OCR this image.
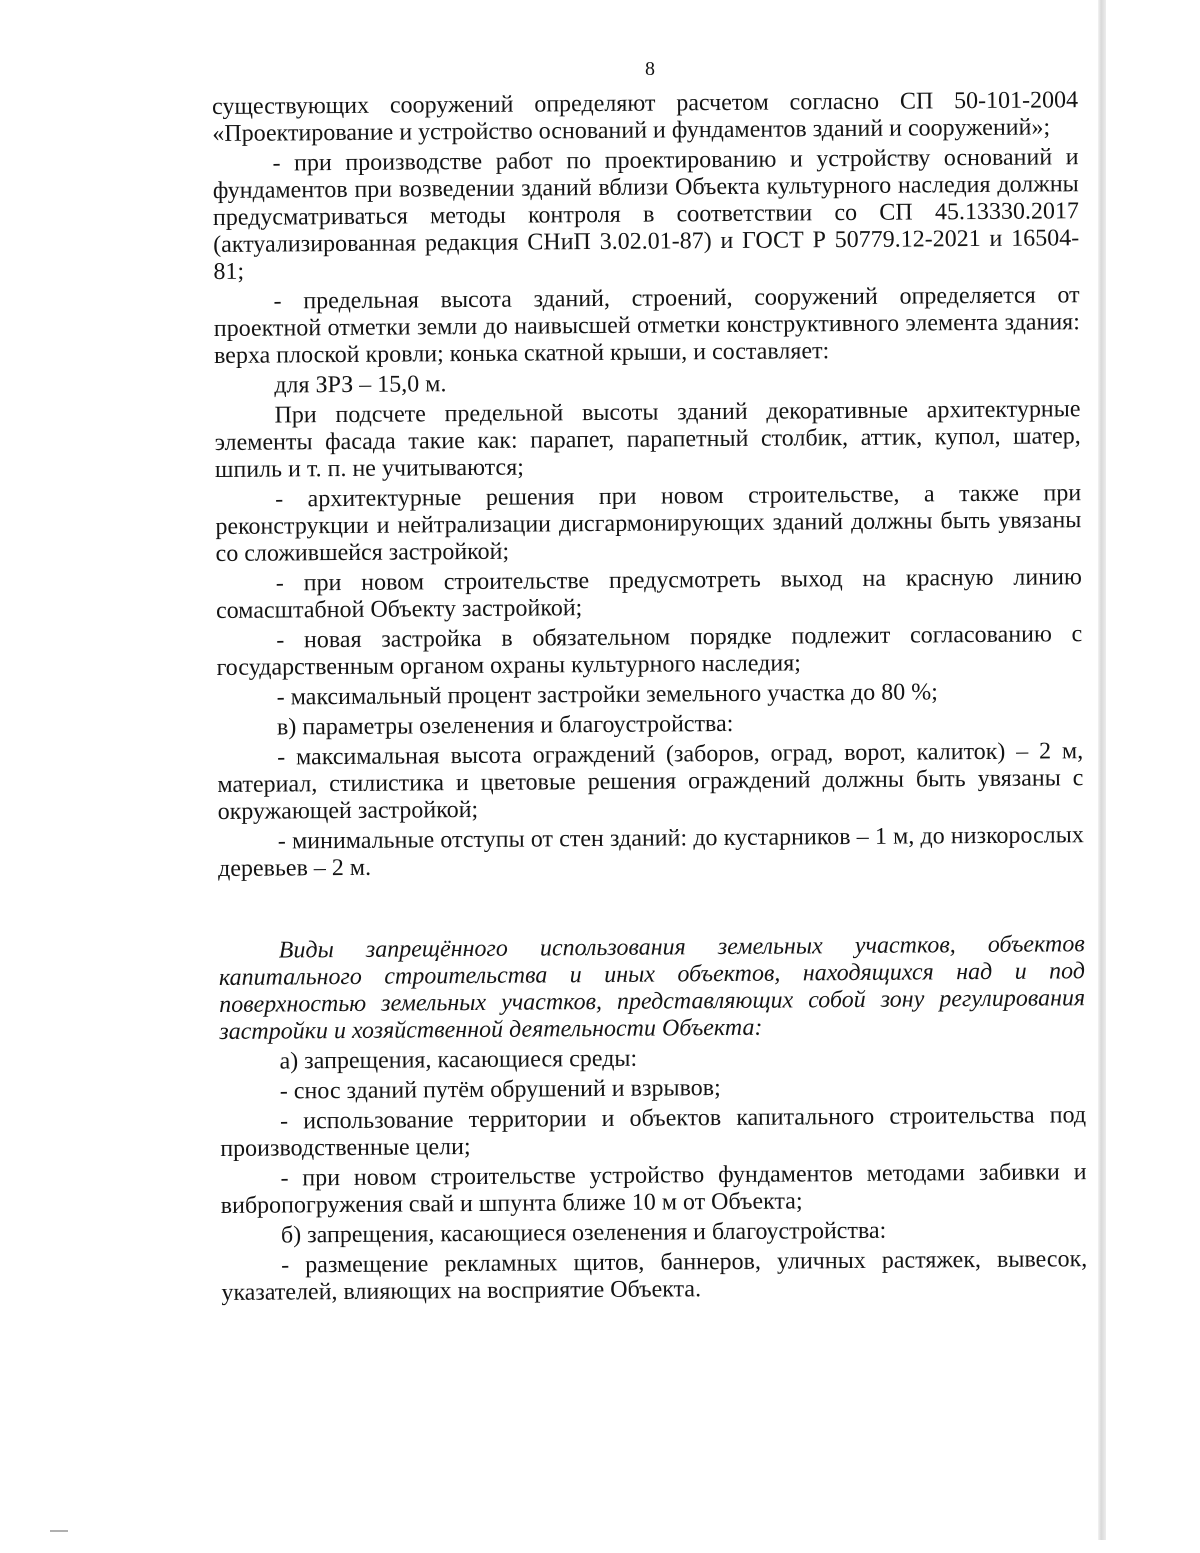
8

существующих сооружений определяют расчетом согласно СП 50-101-2004 «Проектирование и устройство оснований и фундаментов зданий и сооружений»;

- при производстве работ по проектированию и устройству оснований и фундаментов при возведении зданий вблизи Объекта культурного наследия должны предусматриваться методы контроля в соответствии со СП 45.13330.2017 (актуализированная редакция СНиП 3.02.01-87) и ГОСТ Р 50779.12-2021 и 16504-81;

- предельная высота зданий, строений, сооружений определяется от проектной отметки земли до наивысшей отметки конструктивного элемента здания: верха плоской кровли; конька скатной крыши, и составляет:

для ЗРЗ – 15,0 м.

При подсчете предельной высоты зданий декоративные архитектурные элементы фасада такие как: парапет, парапетный столбик, аттик, купол, шатер, шпиль и т. п. не учитываются;

- архитектурные решения при новом строительстве, а также при реконструкции и нейтрализации дисгармонирующих зданий должны быть увязаны со сложившейся застройкой;

- при новом строительстве предусмотреть выход на красную линию сомасштабной Объекту застройкой;

- новая застройка в обязательном порядке подлежит согласованию с государственным органом охраны культурного наследия;

- максимальный процент застройки земельного участка до 80 %;

в) параметры озеленения и благоустройства:

- максимальная высота ограждений (заборов, оград, ворот, калиток) – 2 м, материал, стилистика и цветовые решения ограждений должны быть увязаны с окружающей застройкой;

- минимальные отступы от стен зданий: до кустарников – 1 м, до низкорослых деревьев – 2 м.

Виды запрещённого использования земельных участков, объектов капитального строительства и иных объектов, находящихся над и под поверхностью земельных участков, представляющих собой зону регулирования застройки и хозяйственной деятельности Объекта:

а) запрещения, касающиеся среды:

- снос зданий путём обрушений и взрывов;

- использование территории и объектов капитального строительства под производственные цели;

- при новом строительстве устройство фундаментов методами забивки и вибропогружения свай и шпунта ближе 10 м от Объекта;

б) запрещения, касающиеся озеленения и благоустройства:

- размещение рекламных щитов, баннеров, уличных растяжек, вывесок, указателей, влияющих на восприятие Объекта.
